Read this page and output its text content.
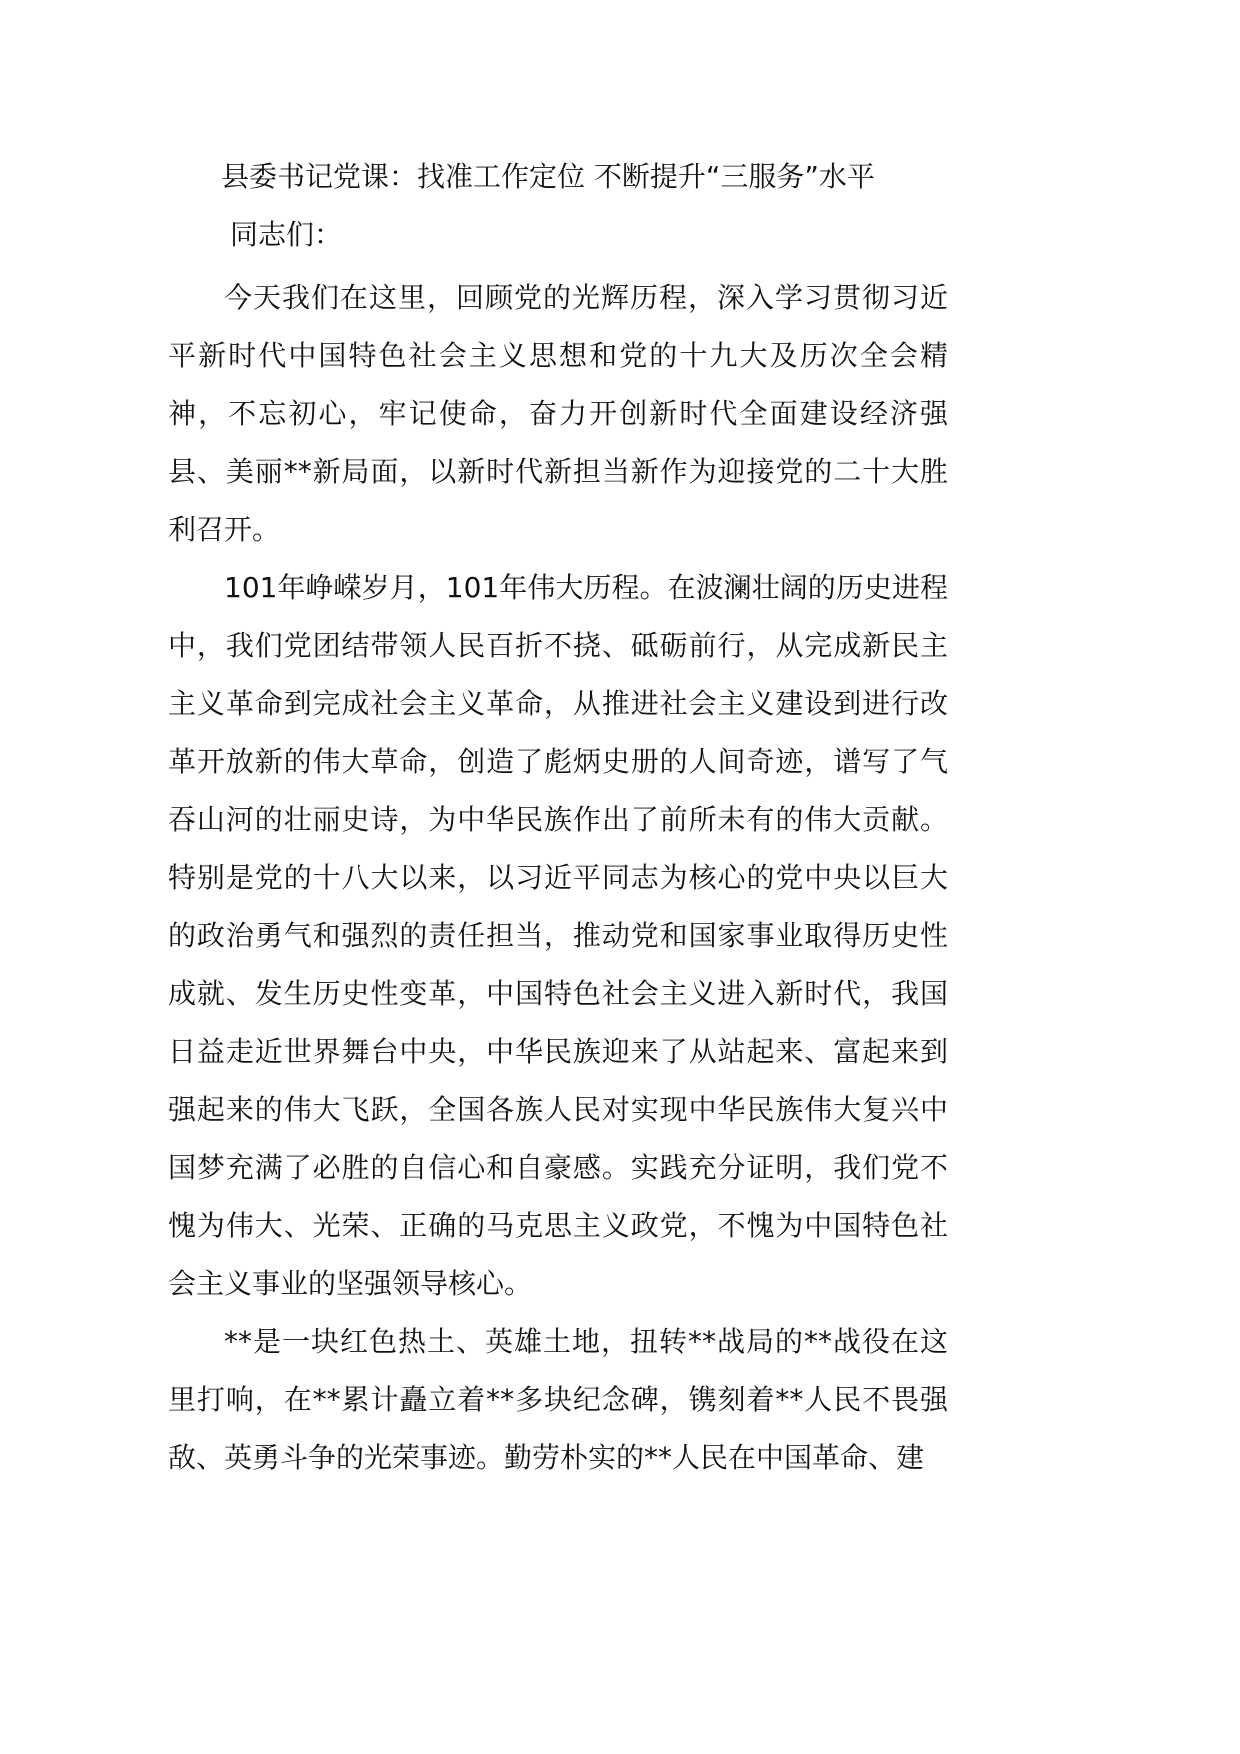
县委书记党课：找准工作定位 不断提升“三服务”水平
同志们：

今天我们在这里，回顾党的光辉历程，深入学习贯彻习近平新时代中国特色社会主义思想和党的十九大及历次全会精神，不忘初心，牢记使命，奋力开创新时代全面建设经济强县、美丽**新局面，以新时代新担当新作为迎接党的二十大胜利召开。

101年峥嵘岁月，101年伟大历程。在波澜壮阔的历史进程中，我们党团结带领人民百折不挠、砥砺前行，从完成新民主主义革命到完成社会主义革命，从推进社会主义建设到进行改革开放新的伟大草命，创造了彪炳史册的人间奇迹，谱写了气吞山河的壮丽史诗，为中华民族作出了前所未有的伟大贡献。特别是党的十八大以来，以习近平同志为核心的党中央以巨大的政治勇气和强烈的责任担当，推动党和国家事业取得历史性成就、发生历史性变革，中国特色社会主义进入新时代，我国日益走近世界舞台中央，中华民族迎来了从站起来、富起来到强起来的伟大飞跃，全国各族人民对实现中华民族伟大复兴中国梦充满了必胜的自信心和自豪感。实践充分证明，我们党不愧为伟大、光荣、正确的马克思主义政党，不愧为中国特色社会主义事业的坚强领导核心。

**是一块红色热土、英雄土地，扭转**战局的**战役在这里打响，在**累计矗立着**多块纪念碑，镌刻着**人民不畏强敌、英勇斗争的光荣事迹。勤劳朴实的**人民在中国革命、建
